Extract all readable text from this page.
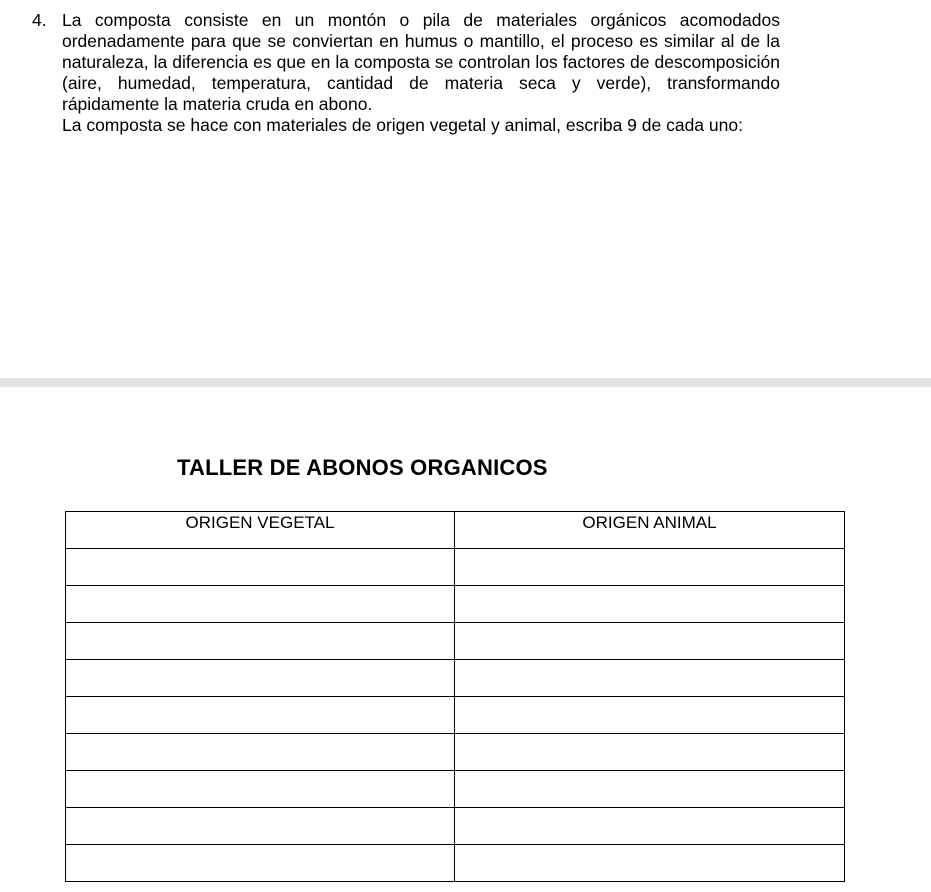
4. La composta consiste en un montón o pila de materiales orgánicos acomodados ordenadamente para que se conviertan en humus o mantillo, el proceso es similar al de la naturaleza, la diferencia es que en la composta se controlan los factores de descomposición (aire, humedad, temperatura, cantidad de materia seca y verde), transformando rápidamente la materia cruda en abono.

La composta se hace con materiales de origen vegetal y animal, escriba 9 de cada uno:

TALLER DE ABONOS ORGANICOS
ORIGEN VEGETAL	ORIGEN ANIMAL
